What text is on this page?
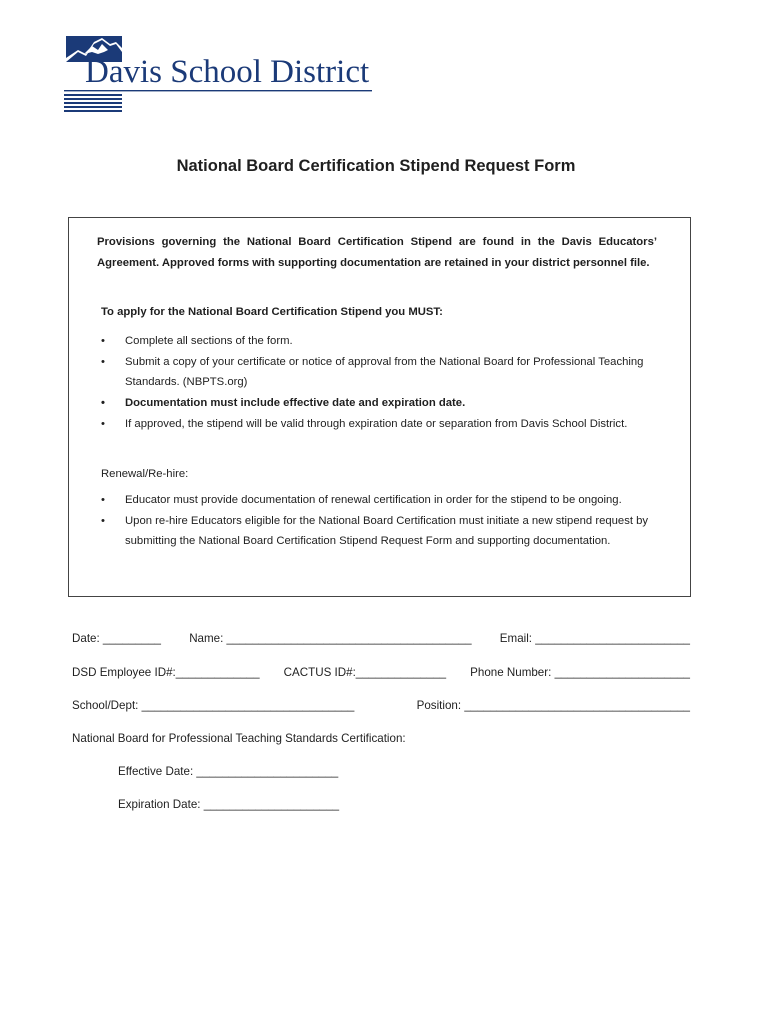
Davis School District
National Board Certification Stipend Request Form
Provisions governing the National Board Certification Stipend are found in the Davis Educators’ Agreement. Approved forms with supporting documentation are retained in your district personnel file.
To apply for the National Board Certification Stipend you MUST:
• Complete all sections of the form.
• Submit a copy of your certificate or notice of approval from the National Board for Professional Teaching Standards. (NBPTS.org)
• Documentation must include effective date and expiration date.
• If approved, the stipend will be valid through expiration date or separation from Davis School District.
Renewal/Re-hire:
• Educator must provide documentation of renewal certification in order for the stipend to be ongoing.
• Upon re-hire Educators eligible for the National Board Certification must initiate a new stipend request by submitting the National Board Certification Stipend Request Form and supporting documentation.
Date: _________ Name: ______________________________________ Email: ________________________
DSD Employee ID#:_____________ CACTUS ID#:______________ Phone Number: _____________________
School/Dept: _________________________________	Position: ___________________________________
National Board for Professional Teaching Standards Certification:
Effective Date: ______________________
Expiration Date: _____________________
